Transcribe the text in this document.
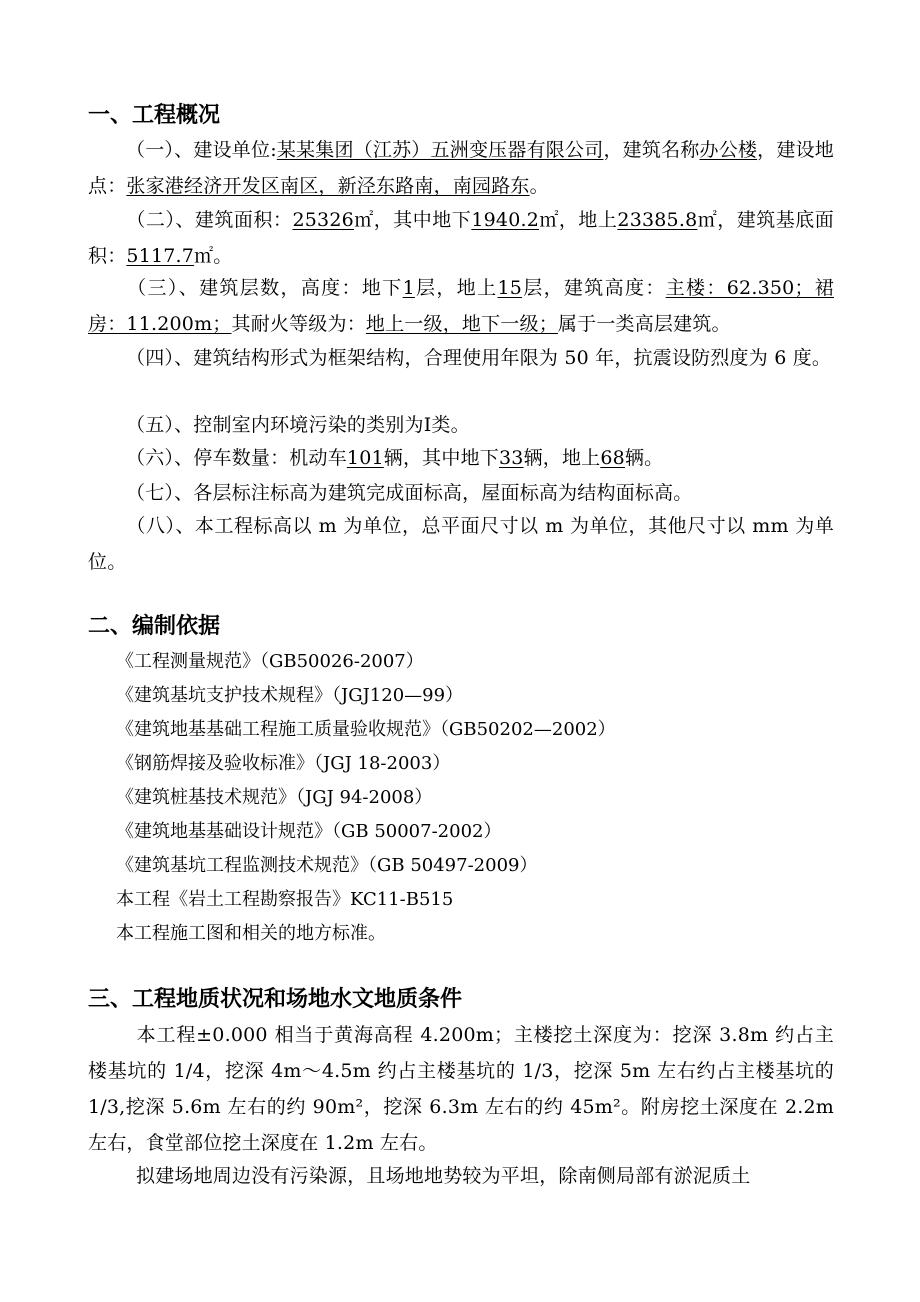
一、工程概况
（一）、建设单位:某某集团（江苏）五洲变压器有限公司，建筑名称办公楼，建设地点：张家港经济开发区南区，新泾东路南，南园路东。
（二）、建筑面积：25326㎡，其中地下1940.2㎡，地上23385.8㎡，建筑基底面积：5117.7㎡。
（三）、建筑层数，高度：地下1层，地上15层，建筑高度：主楼：62.350；裙房：11.200m；其耐火等级为：地上一级，地下一级；属于一类高层建筑。
（四）、建筑结构形式为框架结构，合理使用年限为 50 年，抗震设防烈度为 6 度。
（五）、控制室内环境污染的类别为Ⅰ类。
（六）、停车数量：机动车101辆，其中地下33辆，地上68辆。
（七）、各层标注标高为建筑完成面标高，屋面标高为结构面标高。
（八）、本工程标高以 m 为单位，总平面尺寸以 m 为单位，其他尺寸以 mm 为单位。
二、编制依据
《工程测量规范》（GB50026-2007）
《建筑基坑支护技术规程》（JGJ120—99）
《建筑地基基础工程施工质量验收规范》（GB50202—2002）
《钢筋焊接及验收标准》（JGJ 18-2003）
《建筑桩基技术规范》（JGJ 94-2008）
《建筑地基基础设计规范》（GB 50007-2002）
《建筑基坑工程监测技术规范》（GB 50497-2009）
本工程《岩土工程勘察报告》KC11-B515
本工程施工图和相关的地方标准。
三、工程地质状况和场地水文地质条件
本工程±0.000 相当于黄海高程 4.200m；主楼挖土深度为：挖深 3.8m 约占主楼基坑的 1/4，挖深 4m～4.5m 约占主楼基坑的 1/3，挖深 5m 左右约占主楼基坑的 1/3,挖深 5.6m 左右的约 90m²，挖深 6.3m 左右的约 45m²。附房挖土深度在 2.2m 左右，食堂部位挖土深度在 1.2m 左右。
拟建场地周边没有污染源，且场地地势较为平坦，除南侧局部有淤泥质土
